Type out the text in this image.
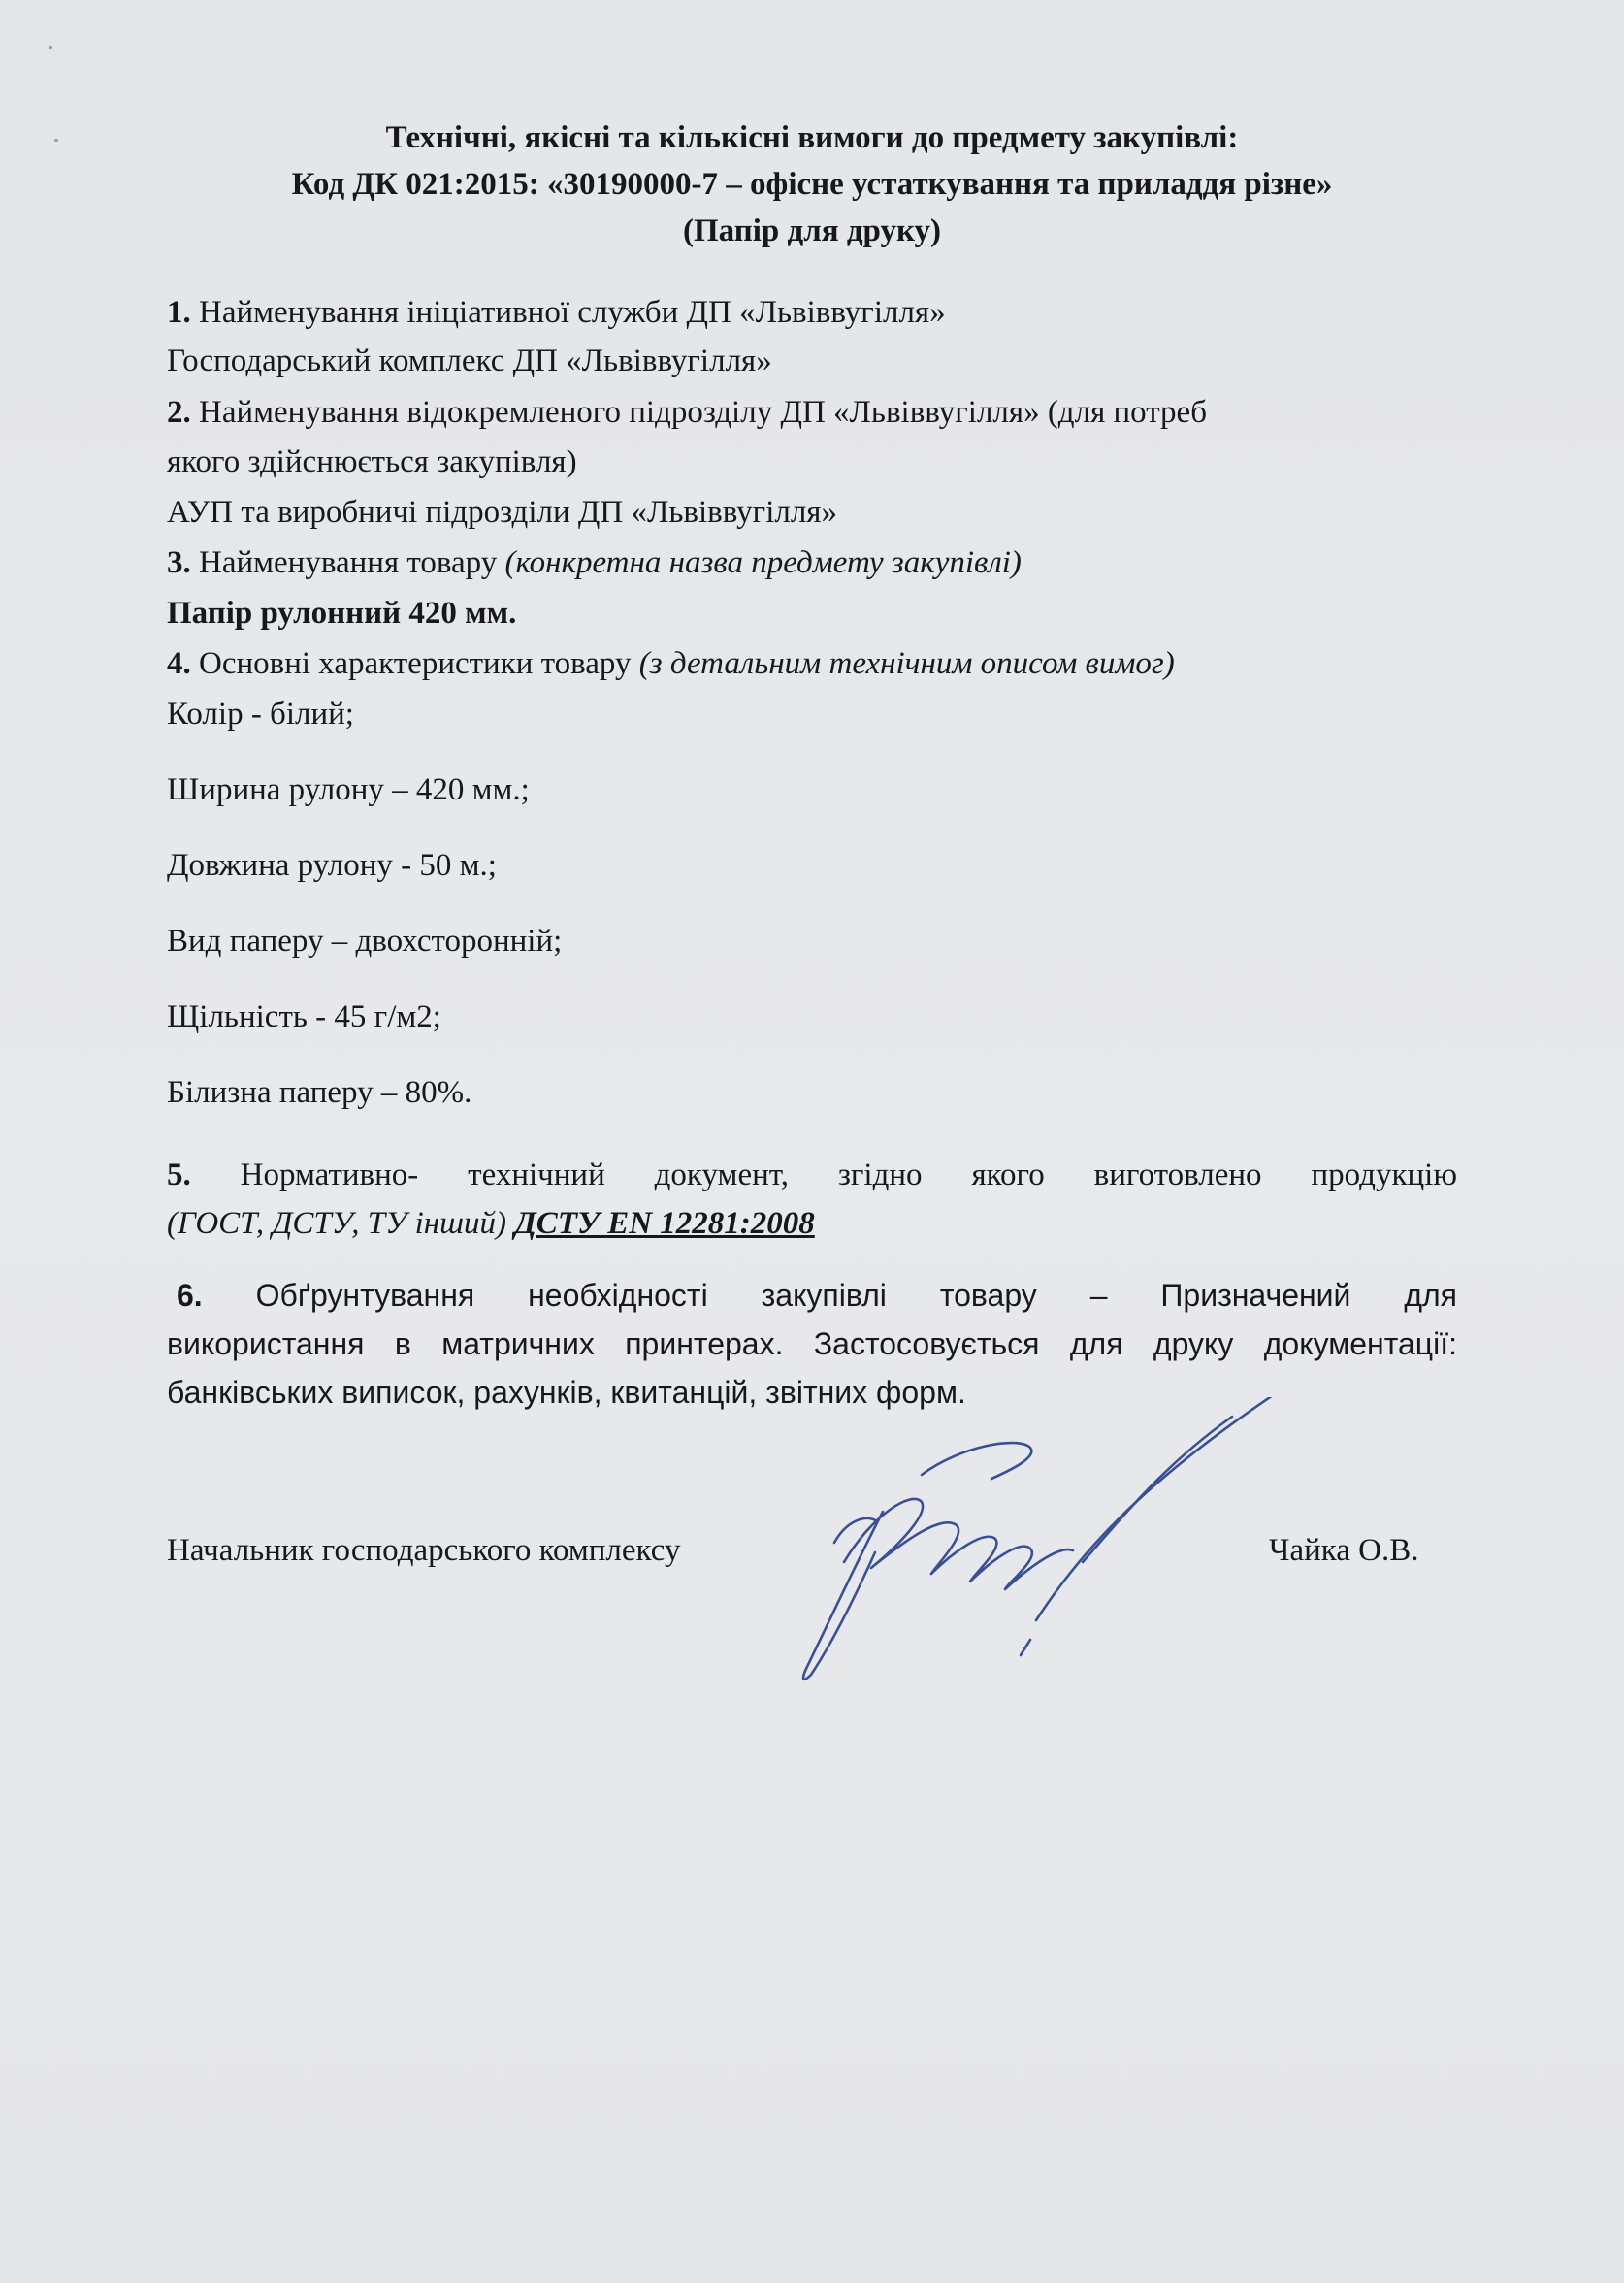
Технічні, якісні та кількісні вимоги до предмету закупівлі:
Код ДК 021:2015: «30190000-7 – офісне устаткування та приладдя різне»
(Папір для друку)
1. Найменування ініціативної служби ДП «Львіввугілля»
Господарський комплекс ДП «Львіввугілля»
2. Найменування відокремленого підрозділу ДП «Львіввугілля» (для потреб
якого здійснюється закупівля)
АУП та виробничі підрозділи ДП «Львіввугілля»
3. Найменування товару (конкретна назва предмету закупівлі)
Папір рулонний 420 мм.
4. Основні характеристики товару (з детальним технічним описом вимог)
Колір - білий;
Ширина рулону – 420 мм.;
Довжина рулону - 50 м.;
Вид паперу – двохсторонній;
Щільність - 45 г/м2;
Білизна паперу – 80%.
5. Нормативно- технічний документ, згідно якого виготовлено продукцію
(ГОСТ, ДСТУ, ТУ інший) ДСТУ EN 12281:2008
6. Обґрунтування необхідності закупівлі товару – Призначений для
використання в матричних принтерах. Застосовується для друку документації:
банківських виписок, рахунків, квитанцій, звітних форм.
Начальник господарського комплексу	Чайка О.В.
